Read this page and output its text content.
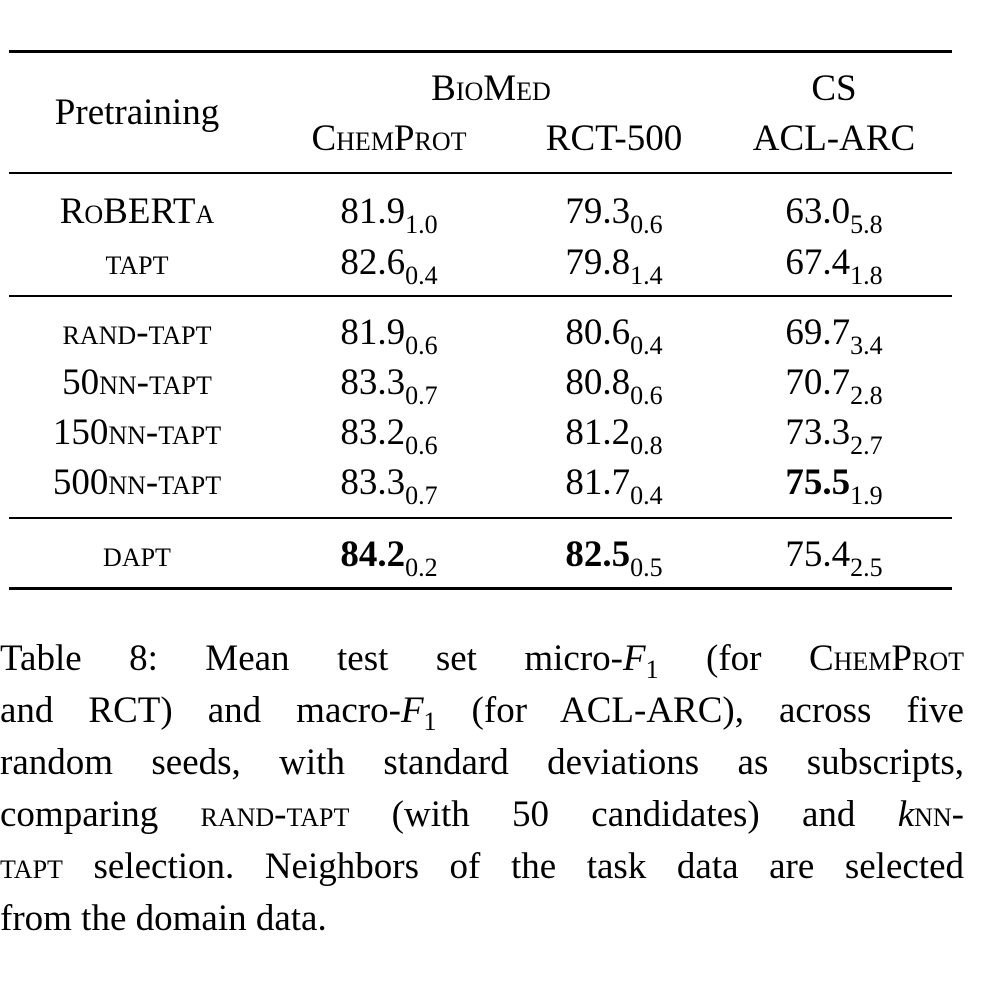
Pretraining
BioMed	CS
ChemProt RCT-500 ACL-ARC
RoBERTa	$81.9_{1.0}$	$79.3_{0.6}$	$63.0_{5.8}$
tapt	$82.6_{0.4}$	$79.8_{1.4}$	$67.4_{1.8}$
rand-tapt	$81.9_{0.6}$	$80.6_{0.4}$	$69.7_{3.4}$
50nn-tapt	$83.3_{0.7}$	$80.8_{0.6}$	$70.7_{2.8}$
150nn-tapt	$83.2_{0.6}$	$81.2_{0.8}$	$73.3_{2.7}$
500nn-tapt	$83.3_{0.7}$	$81.7_{0.4}$	$75.5_{1.9}$
dapt	$84.2_{0.2}$	$82.5_{0.5}$	$75.4_{2.5}$
Table 8: Mean test set micro-$F_1$ (for ChemProt
and RCT) and macro-$F_1$ (for ACL-ARC), across five
random seeds, with standard deviations as subscripts,
comparing rand-tapt (with 50 candidates) and knn-
tapt selection. Neighbors of the task data are selected
from the domain data.
